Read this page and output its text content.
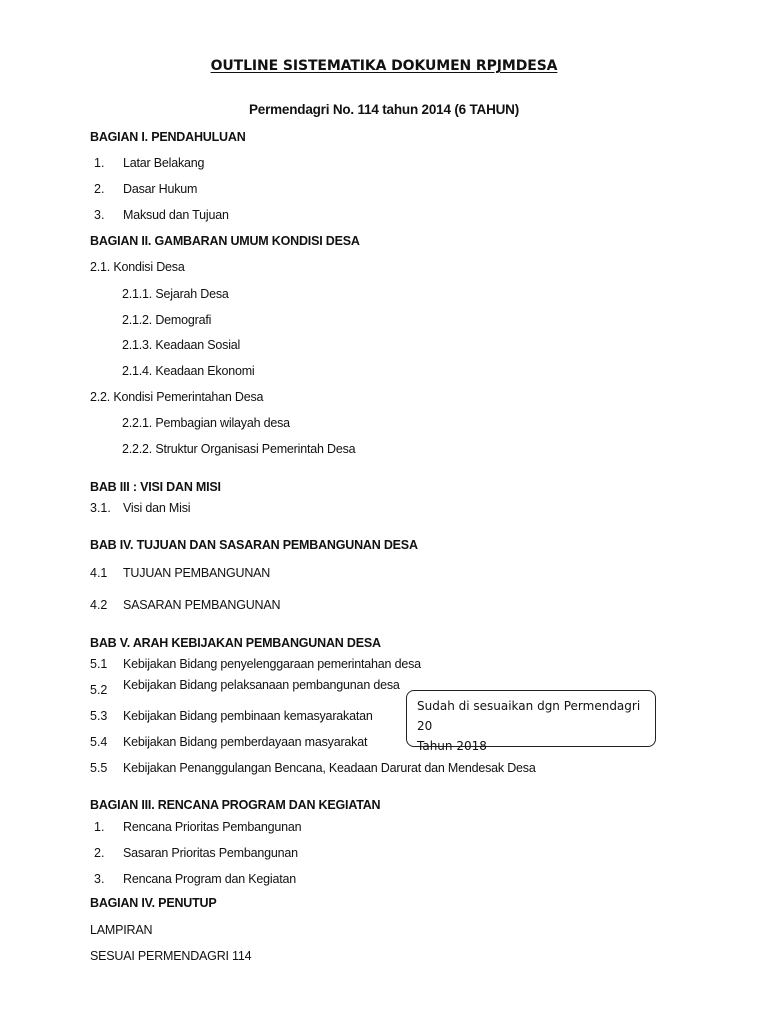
OUTLINE SISTEMATIKA DOKUMEN RPJMDESA
Permendagri No. 114 tahun 2014 (6 TAHUN)
BAGIAN I. PENDAHULUAN
1. Latar Belakang
2. Dasar Hukum
3. Maksud dan Tujuan
BAGIAN II. GAMBARAN UMUM KONDISI DESA
2.1. Kondisi Desa
2.1.1. Sejarah Desa
2.1.2. Demografi
2.1.3. Keadaan Sosial
2.1.4. Keadaan Ekonomi
2.2. Kondisi Pemerintahan Desa
2.2.1. Pembagian wilayah desa
2.2.2. Struktur Organisasi Pemerintah Desa
BAB III : VISI DAN MISI
3.1. Visi dan Misi
BAB IV. TUJUAN DAN SASARAN PEMBANGUNAN DESA
4.1 TUJUAN PEMBANGUNAN
4.2 SASARAN PEMBANGUNAN
BAB V. ARAH KEBIJAKAN PEMBANGUNAN DESA
5.1 Kebijakan Bidang penyelenggaraan pemerintahan desa
5.2 Kebijakan Bidang pelaksanaan pembangunan desa
5.3 Kebijakan Bidang pembinaan kemasyarakatan
5.4 Kebijakan Bidang pemberdayaan masyarakat
5.5 Kebijakan Penanggulangan Bencana, Keadaan Darurat dan Mendesak Desa
Sudah di sesuaikan dgn Permendagri 20
Tahun 2018
BAGIAN III. RENCANA PROGRAM DAN KEGIATAN
1. Rencana Prioritas Pembangunan
2. Sasaran Prioritas Pembangunan
3. Rencana Program dan Kegiatan
BAGIAN IV. PENUTUP
LAMPIRAN
SESUAI PERMENDAGRI 114
